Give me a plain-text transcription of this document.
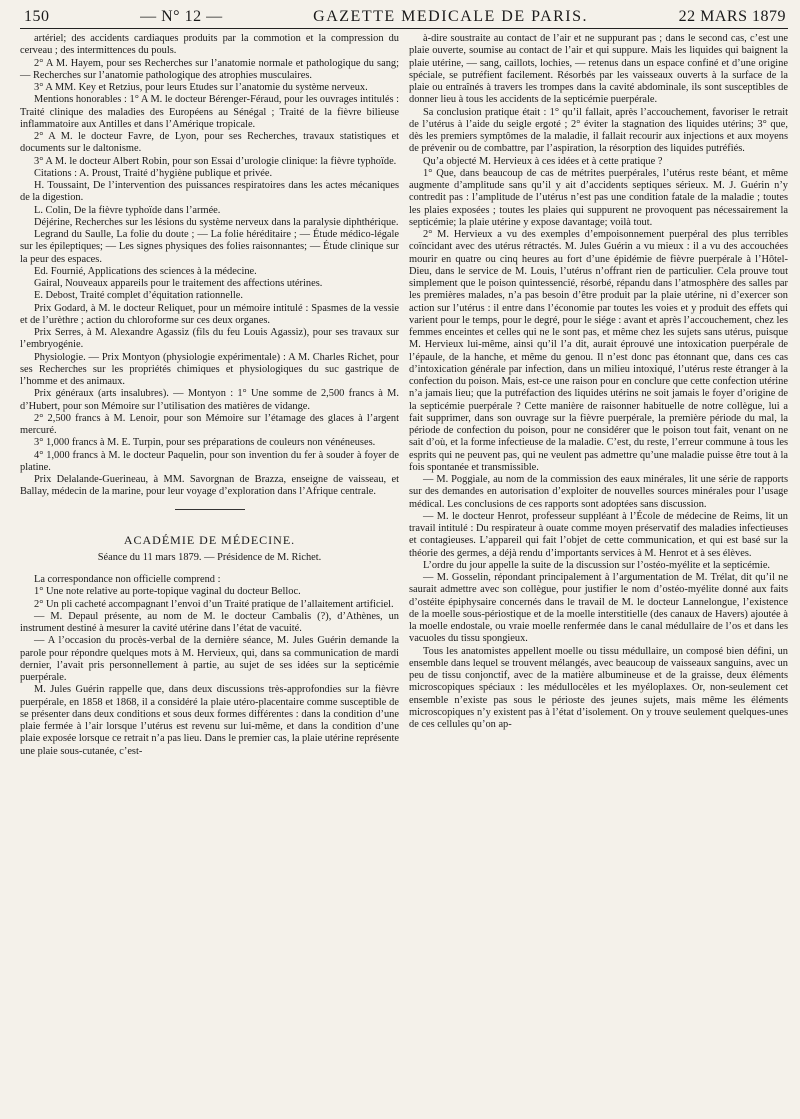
150	— N° 12 —	GAZETTE MEDICALE DE PARIS.	22 MARS 1879

artériel; des accidents cardiaques produits par la commotion et la compression du cerveau ; des intermittences du pouls.

2° A M. Hayem, pour ses Recherches sur l’anatomie normale et pathologique du sang; — Recherches sur l’anatomie pathologique des atrophies musculaires.

3° A MM. Key et Retzius, pour leurs Etudes sur l’anatomie du système nerveux.

Mentions honorables : 1° A M. le docteur Bérenger-Féraud, pour les ouvrages intitulés : Traité clinique des maladies des Européens au Sénégal ; Traité de la fièvre bilieuse inflammatoire aux Antilles et dans l’Amérique tropicale.

2° A M. le docteur Favre, de Lyon, pour ses Recherches, travaux statistiques et documents sur le daltonisme.

3° A M. le docteur Albert Robin, pour son Essai d’urologie clinique: la fièvre typhoïde.

Citations : A. Proust, Traité d’hygiène publique et privée.

H. Toussaint, De l’intervention des puissances respiratoires dans les actes mécaniques de la digestion.

L. Colin, De la fièvre typhoïde dans l’armée.

Déjérine, Recherches sur les lésions du système nerveux dans la paralysie diphthérique.

Legrand du Saulle, La folie du doute ; — La folie héréditaire ; — Étude médico-légale sur les épileptiques; — Les signes physiques des folies raisonnantes; — Étude clinique sur la peur des espaces.

Ed. Fournié, Applications des sciences à la médecine.

Gairal, Nouveaux appareils pour le traitement des affections utérines.

E. Debost, Traité complet d’équitation rationnelle.

Prix Godard, à M. le docteur Reliquet, pour un mémoire intitulé : Spasmes de la vessie et de l’urèthre ; action du chloroforme sur ces deux organes.

Prix Serres, à M. Alexandre Agassiz (fils du feu Louis Agassiz), pour ses travaux sur l’embryogénie.

Physiologie. — Prix Montyon (physiologie expérimentale) : A M. Charles Richet, pour ses Recherches sur les propriétés chimiques et physiologiques du suc gastrique de l’homme et des animaux.

Prix généraux (arts insalubres). — Montyon : 1° Une somme de 2,500 francs à M. d’Hubert, pour son Mémoire sur l’utilisation des matières de vidange.

2° 2,500 francs à M. Lenoir, pour son Mémoire sur l’étamage des glaces à l’argent mercuré.

3° 1,000 francs à M. E. Turpin, pour ses préparations de couleurs non vénéneuses.

4° 1,000 francs à M. le docteur Paquelin, pour son invention du fer à souder à foyer de platine.

Prix Delalande-Guerineau, à MM. Savorgnan de Brazza, enseigne de vaisseau, et Ballay, médecin de la marine, pour leur voyage d’exploration dans l’Afrique centrale.

ACADÉMIE DE MÉDECINE.
Séance du 11 mars 1879. — Présidence de M. Richet.

La correspondance non officielle comprend :

1° Une note relative au porte-topique vaginal du docteur Belloc.

2° Un pli cacheté accompagnant l’envoi d’un Traité pratique de l’allaitement artificiel.

— M. Depaul présente, au nom de M. le docteur Cambalis (?), d’Athènes, un instrument destiné à mesurer la cavité utérine dans l’état de vacuité.

— A l’occasion du procès-verbal de la dernière séance, M. Jules Guérin demande la parole pour répondre quelques mots à M. Hervieux, qui, dans sa communication de mardi dernier, l’avait pris personnellement à partie, au sujet de ses idées sur la septicémie puerpérale.

M. Jules Guérin rappelle que, dans deux discussions très-approfondies sur la fièvre puerpérale, en 1858 et 1868, il a considéré la plaie utéro-placentaire comme susceptible de se présenter dans deux conditions et sous deux formes différentes : dans la condition d’une plaie fermée à l’air lorsque l’utérus est revenu sur lui-même, et dans la condition d’une plaie exposée lorsque ce retrait n’a pas lieu. Dans le premier cas, la plaie utérine représente une plaie sous-cutanée, c’est-

à-dire soustraite au contact de l’air et ne suppurant pas ; dans le second cas, c’est une plaie ouverte, soumise au contact de l’air et qui suppure. Mais les liquides qui baignent la plaie utérine, — sang, caillots, lochies, — retenus dans un espace confiné et d’une origine spéciale, se putréfient facilement. Résorbés par les vaisseaux ouverts à la surface de la plaie ou entraînés à travers les trompes dans la cavité abdominale, ils sont susceptibles de donner lieu à tous les accidents de la septicémie puerpérale.

Sa conclusion pratique était : 1° qu’il fallait, après l’accouchement, favoriser le retrait de l’utérus à l’aide du seigle ergoté ; 2° éviter la stagnation des liquides utérins; 3° que, dès les premiers symptômes de la maladie, il fallait recourir aux injections et aux moyens de prévenir ou de combattre, par l’aspiration, la résorption des liquides putréfiés.

Qu’a objecté M. Hervieux à ces idées et à cette pratique ?

1° Que, dans beaucoup de cas de métrites puerpérales, l’utérus reste béant, et même augmente d’amplitude sans qu’il y ait d’accidents septiques sérieux. M. J. Guérin n’y contredit pas : l’amplitude de l’utérus n’est pas une condition fatale de la maladie ; toutes les plaies exposées ; toutes les plaies qui suppurent ne provoquent pas nécessairement la septicémie; la plaie utérine y expose davantage; voilà tout.

2° M. Hervieux a vu des exemples d’empoisonnement puerpéral des plus terribles coïncidant avec des utérus rétractés. M. Jules Guérin a vu mieux : il a vu des accouchées mourir en quatre ou cinq heures au fort d’une épidémie de fièvre puerpérale à l’Hôtel-Dieu, dans le service de M. Louis, l’utérus n’offrant rien de particulier. Cela prouve tout simplement que le poison quintessencié, résorbé, répandu dans l’atmosphère des salles par les premières malades, n’a pas besoin d’être produit par la plaie utérine, ni d’exercer son action sur l’utérus : il entre dans l’économie par toutes les voies et y produit des effets qui varient pour le temps, pour le degré, pour le siége : avant et après l’accouchement, chez les femmes enceintes et celles qui ne le sont pas, et même chez les sujets sans utérus, puisque M. Hervieux lui-même, ainsi qu’il l’a dit, aurait éprouvé une intoxication puerpérale de l’épaule, de la hanche, et même du genou. Il n’est donc pas étonnant que, dans ces cas d’intoxication générale par infection, dans un milieu intoxiqué, l’utérus reste étranger à la confection du poison. Mais, est-ce une raison pour en conclure que cette confection utérine n’a jamais lieu; que la putréfaction des liquides utérins ne soit jamais le foyer d’origine de la septicémie puerpérale ? Cette manière de raisonner habituelle de notre collègue, lui a fait supprimer, dans son ouvrage sur la fièvre puerpérale, la première période du mal, la période de confection du poison, pour ne considérer que le poison tout fait, venant on ne sait d’où, et la forme infectieuse de la maladie. C’est, du reste, l’erreur commune à tous les esprits qui ne peuvent pas, qui ne veulent pas admettre qu’une maladie puisse être tout à la fois spontanée et transmissible.

— M. Poggiale, au nom de la commission des eaux minérales, lit une série de rapports sur des demandes en autorisation d’exploiter de nouvelles sources minérales pour l’usage médical. Les conclusions de ces rapports sont adoptées sans discussion.

— M. le docteur Henrot, professeur suppléant à l’École de médecine de Reims, lit un travail intitulé : Du respirateur à ouate comme moyen préservatif des maladies infectieuses et contagieuses. L’appareil qui fait l’objet de cette communication, et qui est basé sur la théorie des germes, a déjà rendu d’importants services à M. Henrot et à ses élèves.

L’ordre du jour appelle la suite de la discussion sur l’ostéo-myélite et la septicémie.

— M. Gosselin, répondant principalement à l’argumentation de M. Trélat, dit qu’il ne saurait admettre avec son collègue, pour justifier le nom d’ostéo-myélite donné aux faits d’ostéite épiphysaire concernés dans le travail de M. le docteur Lannelongue, l’existence de la moelle sous-périostique et de la moelle interstitielle (des canaux de Havers) ajoutée à la moelle endostale, ou vraie moelle renfermée dans le canal médullaire de l’os et dans les vacuoles du tissu spongieux.

Tous les anatomistes appellent moelle ou tissu médullaire, un composé bien défini, un ensemble dans lequel se trouvent mélangés, avec beaucoup de vaisseaux sanguins, avec un peu de tissu conjonctif, avec de la matière albumineuse et de la graisse, deux éléments microscopiques spéciaux : les médullocèles et les myéloplaxes. Or, non-seulement cet ensemble n’existe pas sous le périoste des jeunes sujets, mais même les éléments microscopiques n’y existent pas à l’état d’isolement. On y trouve seulement quelques-unes de ces cellules qu’on ap-
